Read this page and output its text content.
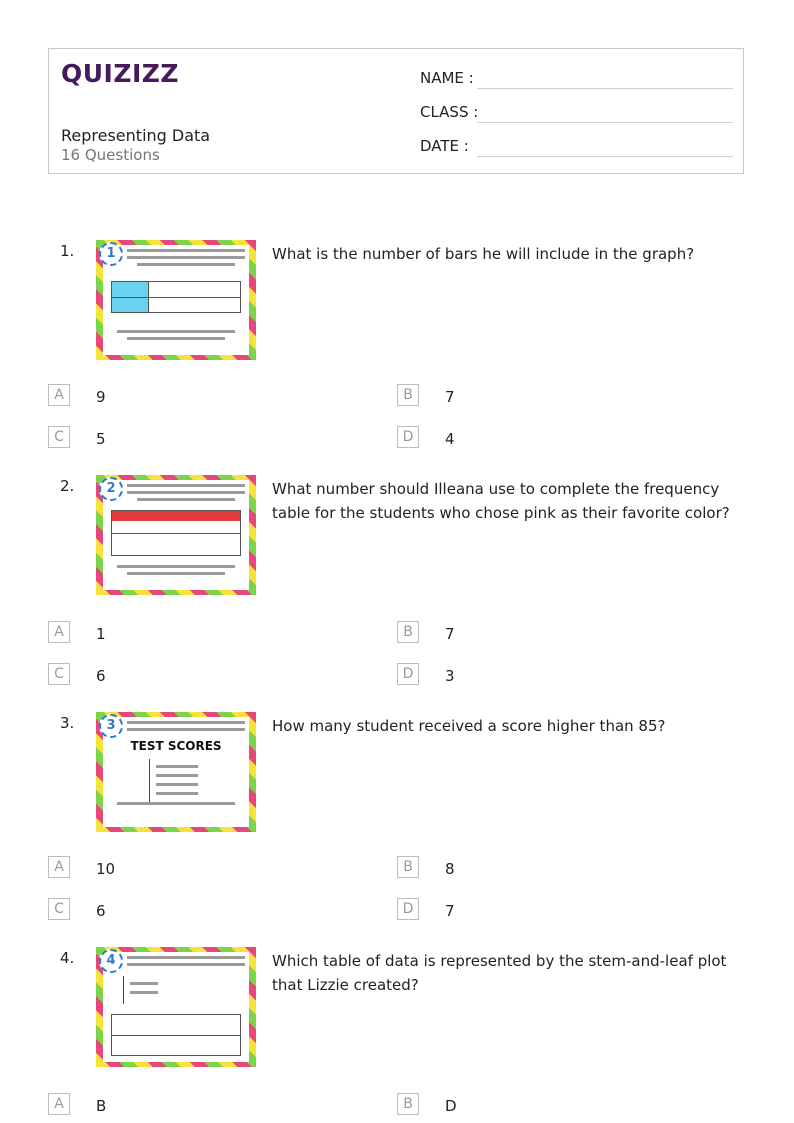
QUIZIZZ
Representing Data
16 Questions
NAME :
CLASS :
DATE :
1.	1	What is the number of bars he will include in the graph?
A	9	B	7
C	5	D	4
2.	2	What number should Illeana use to complete the frequency table for the students who chose pink as their favorite color?
A	1	B	7
C	6	D	3
3.
TEST SCORES
3	How many student received a score higher than 85?
A	10	B	8
C	6	D	7
4.	4	Which table of data is represented by the stem-and-leaf plot that Lizzie created?
A	B	B	D
